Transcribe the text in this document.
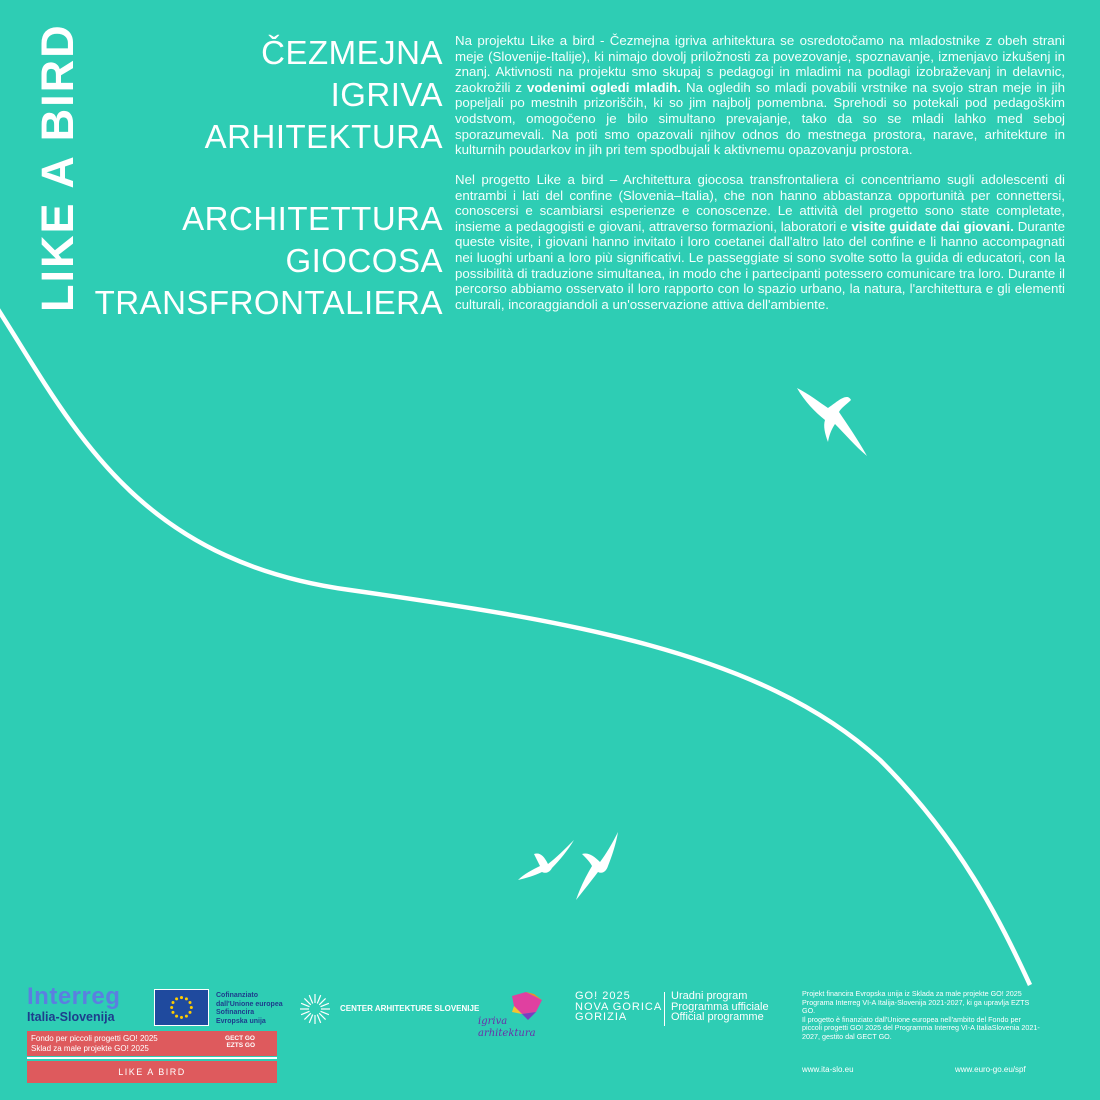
LIKE A BIRD	ČEZMEJNA
IGRIVA
ARHITEKTURA
ARCHITETTURA
GIOCOSA
TRANSFRONTALIERA
Na projektu Like a bird - Čezmejna igriva arhitektura se osredotočamo na mladostnike z obeh strani meje (Slovenije-Italije), ki nimajo dovolj priložnosti za povezovanje, spoznavanje, izmenjavo izkušenj in znanj. Aktivnosti na projektu smo skupaj s pedagogi in mladimi na podlagi izobraževanj in delavnic, zaokrožili z vodenimi ogledi mladih. Na ogledih so mladi povabili vrstnike na svojo stran meje in jih popeljali po mestnih prizoriščih, ki so jim najbolj pomembna. Sprehodi so potekali pod pedagoškim vodstvom, omogočeno je bilo simultano prevajanje, tako da so se mladi lahko med seboj sporazumevali. Na poti smo opazovali njihov odnos do mestnega prostora, narave, arhitekture in kulturnih poudarkov in jih pri tem spodbujali k aktivnemu opazovanju prostora.
Nel progetto Like a bird – Architettura giocosa transfrontaliera ci concentriamo sugli adolescenti di entrambi i lati del confine (Slovenia–Italia), che non hanno abbastanza opportunità per connettersi, conoscersi e scambiarsi esperienze e conoscenze. Le attività del progetto sono state completate, insieme a pedagogisti e giovani, attraverso formazioni, laboratori e visite guidate dai giovani. Durante queste visite, i giovani hanno invitato i loro coetanei dall'altro lato del confine e li hanno accompagnati nei luoghi urbani a loro più significativi. Le passeggiate si sono svolte sotto la guida di educatori, con la possibilità di traduzione simultanea, in modo che i partecipanti potessero comunicare tra loro. Durante il percorso abbiamo osservato il loro rapporto con lo spazio urbano, la natura, l'architettura e gli elementi culturali, incoraggiandoli a un'osservazione attiva dell'ambiente.
Interreg
Italia-Slovenija
Cofinanziato
dall'Unione europea
Sofinancira
Evropska unija
Fondo per piccoli progetti GO! 2025
Sklad za male projekte GO! 2025
GECT GO
EZTS GO
LIKE A BIRD
CENTER ARHITEKTURE SLOVENIJE
igriva
arhitektura
GO! 2025
NOVA GORICA
GORIZIA
Uradni program
Programma ufficiale
Official programme
Projekt financira Evropska unija iz Sklada za male projekte GO! 2025 Programa Interreg VI-A Italija-Slovenija 2021-2027, ki ga upravlja EZTS GO.
Il progetto è finanziato dall'Unione europea nell'ambito del Fondo per piccoli progetti GO! 2025 del Programma Interreg VI-A ItaliaSlovenia 2021-2027, gestito dal GECT GO.
www.ita-slo.eu	www.euro-go.eu/spf
